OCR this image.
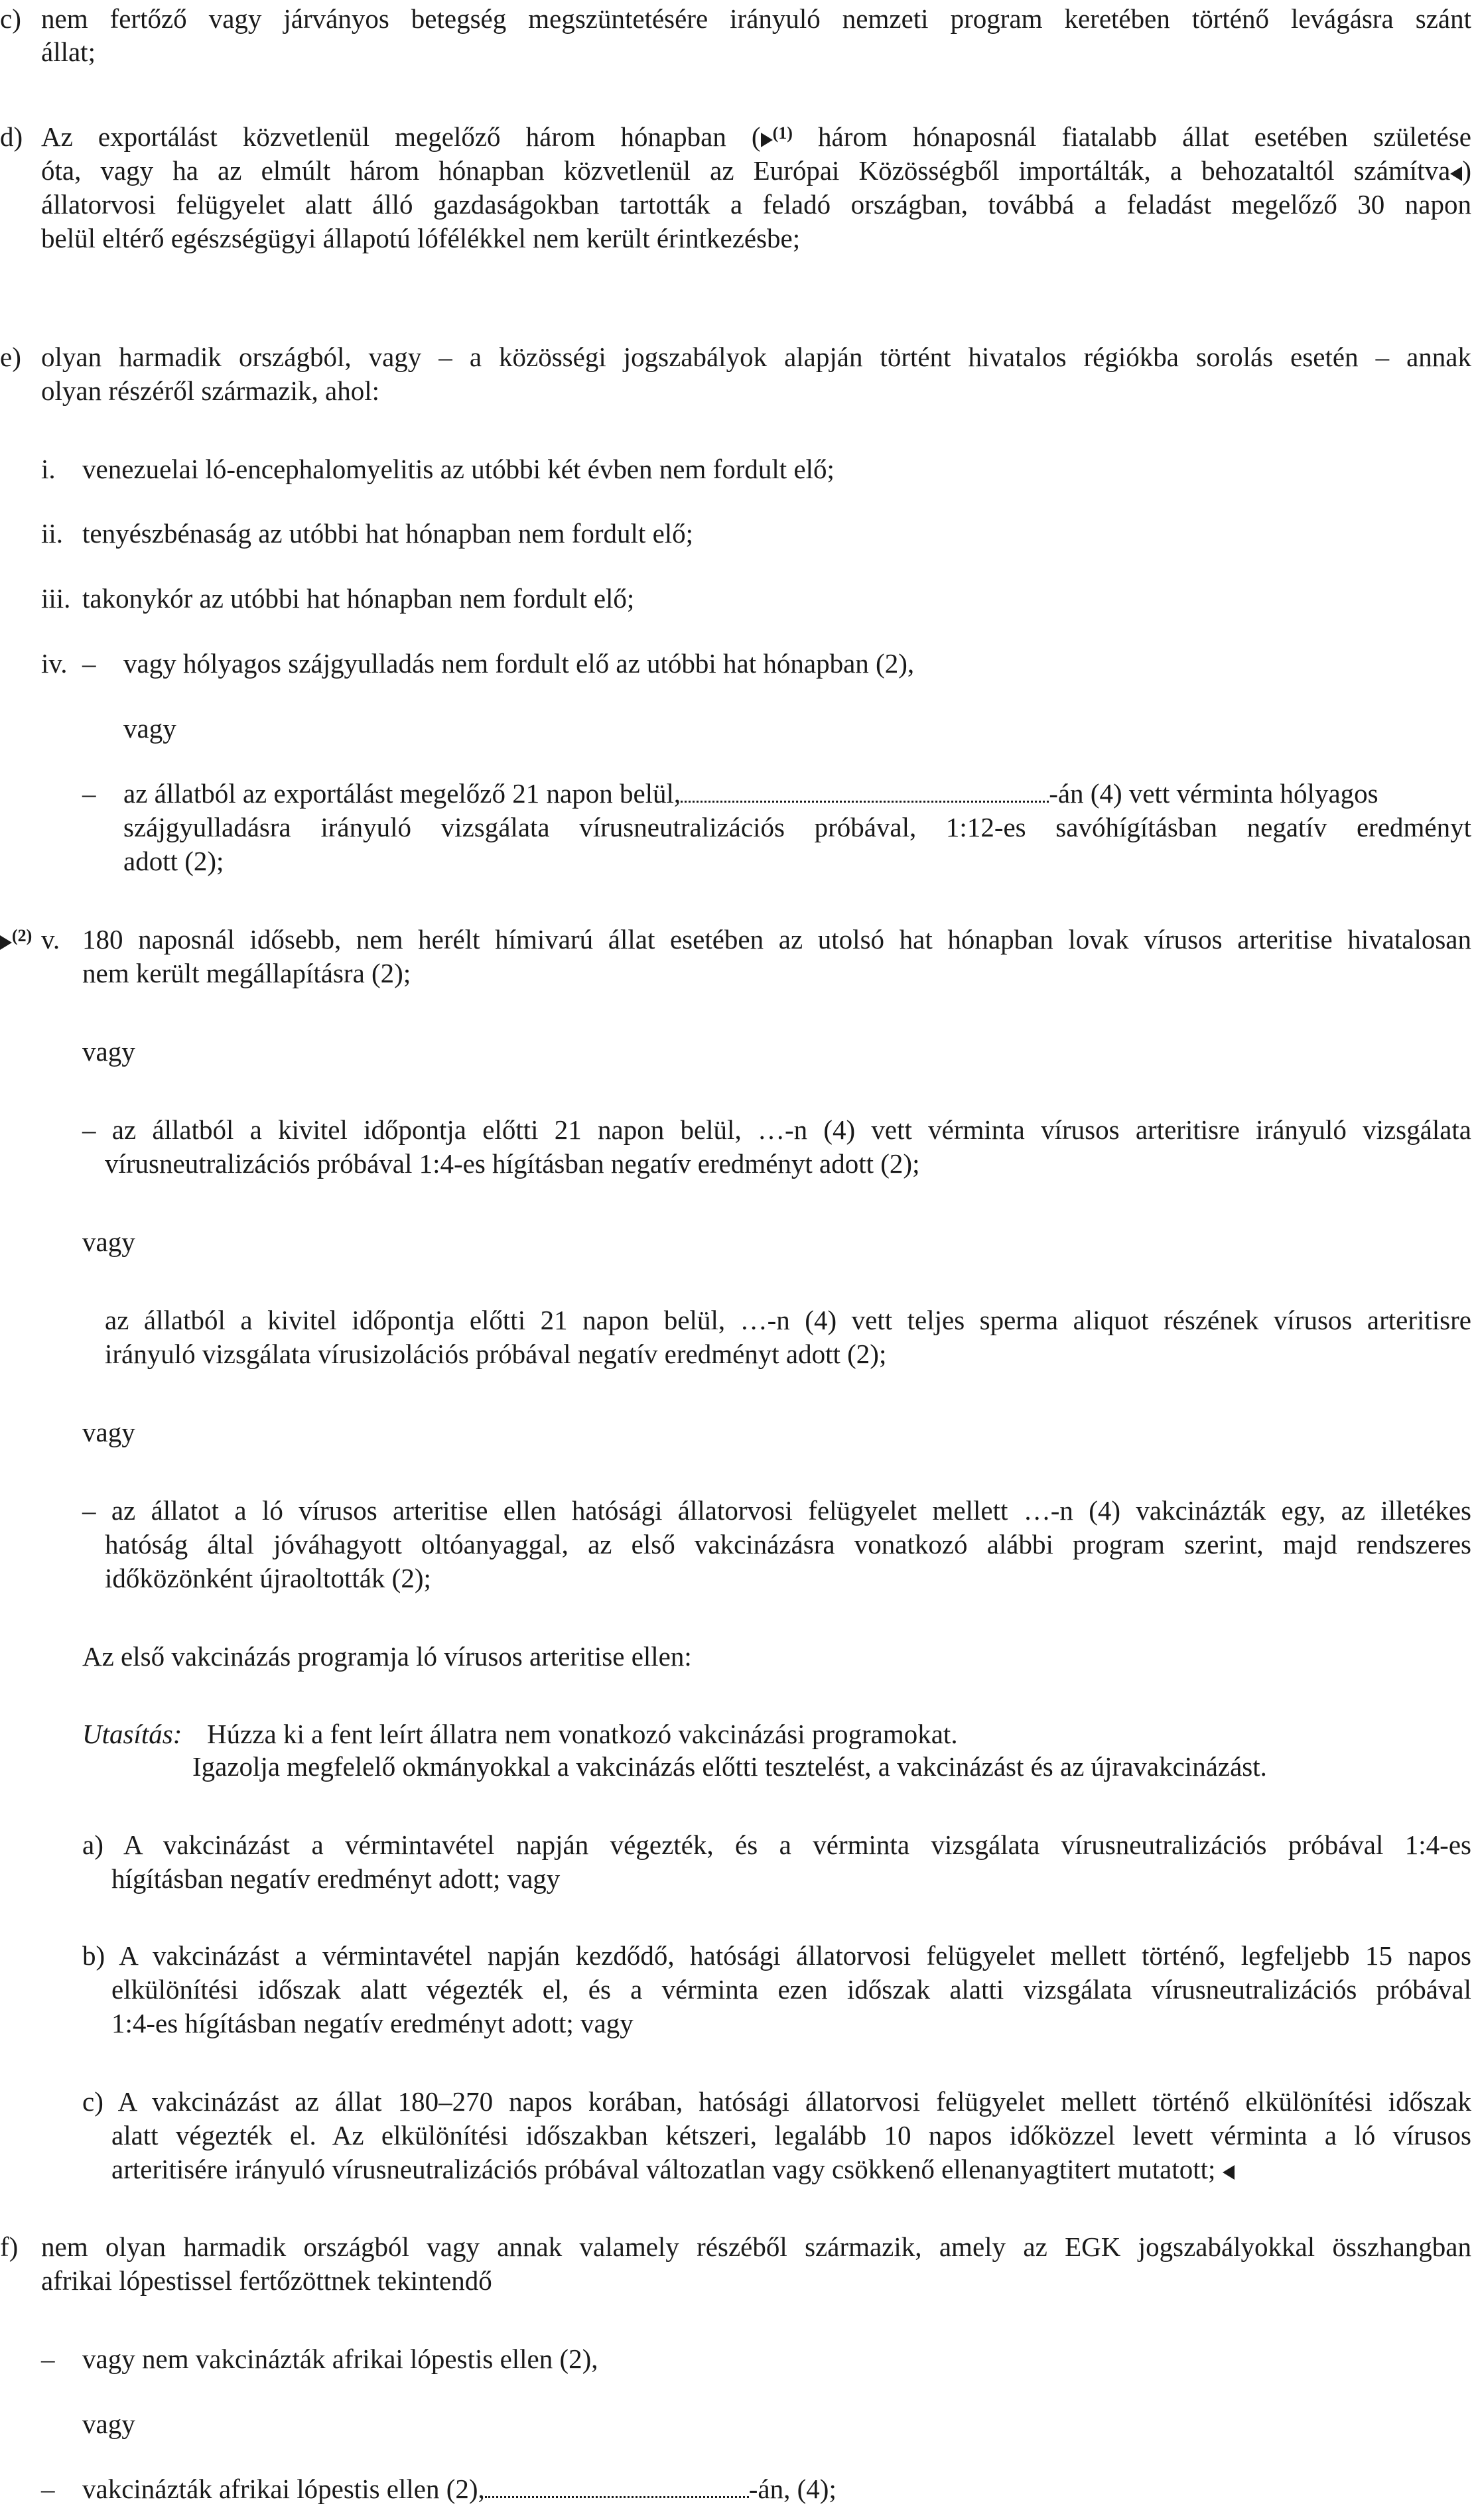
c) nem fertőző vagy járványos betegség megszüntetésére irányuló nemzeti program keretében történő levágásra szánt
állat;
d) Az exportálást közvetlenül megelőző három hónapban ( $^{(1)}$ három hónaposnál fiatalabb állat esetében születése
óta, vagy ha az elmúlt három hónapban közvetlenül az Európai Közösségből importálták, a behozataltól számítva )
állatorvosi felügyelet alatt álló gazdaságokban tartották a feladó országban, továbbá a feladást megelőző 30 napon
belül eltérő egészségügyi állapotú lófélékkel nem került érintkezésbe;
e) olyan harmadik országból, vagy – a közösségi jogszabályok alapján történt hivatalos régiókba sorolás esetén – annak
olyan részéről származik, ahol:
i. venezuelai ló-encephalomyelitis az utóbbi két évben nem fordult elő;
ii. tenyészbénaság az utóbbi hat hónapban nem fordult elő;
iii. takonykór az utóbbi hat hónapban nem fordult elő;
iv. – vagy hólyagos szájgyulladás nem fordult elő az utóbbi hat hónapban (2),
vagy
– az állatból az exportálást megelőző 21 napon belül,	-án (4) vett vérminta hólyagos
szájgyulladásra irányuló vizsgálata vírusneutralizációs próbával, 1:12-es savóhígításban negatív eredményt
adott (2);
$^{(2)}$ v. 180 naposnál idősebb, nem herélt hímivarú állat esetében az utolsó hat hónapban lovak vírusos arteritise hivatalosan
nem került megállapításra (2);
vagy
– az állatból a kivitel időpontja előtti 21 napon belül, …-n (4) vett vérminta vírusos arteritisre irányuló vizsgálata
vírusneutralizációs próbával 1:4-es hígításban negatív eredményt adott (2);
vagy
az állatból a kivitel időpontja előtti 21 napon belül, …-n (4) vett teljes sperma aliquot részének vírusos arteritisre
irányuló vizsgálata vírusizolációs próbával negatív eredményt adott (2);
vagy
– az állatot a ló vírusos arteritise ellen hatósági állatorvosi felügyelet mellett …-n (4) vakcinázták egy, az illetékes
hatóság által jóváhagyott oltóanyaggal, az első vakcinázásra vonatkozó alábbi program szerint, majd rendszeres
időközönként újraoltották (2);
Az első vakcinázás programja ló vírusos arteritise ellen:
Utasítás: Húzza ki a fent leírt állatra nem vonatkozó vakcinázási programokat.
Igazolja megfelelő okmányokkal a vakcinázás előtti tesztelést, a vakcinázást és az újravakcinázást.
a) A vakcinázást a vérmintavétel napján végezték, és a vérminta vizsgálata vírusneutralizációs próbával 1:4-es
hígításban negatív eredményt adott; vagy
b) A vakcinázást a vérmintavétel napján kezdődő, hatósági állatorvosi felügyelet mellett történő, legfeljebb 15 napos
elkülönítési időszak alatt végezték el, és a vérminta ezen időszak alatti vizsgálata vírusneutralizációs próbával
1:4-es hígításban negatív eredményt adott; vagy
c) A vakcinázást az állat 180–270 napos korában, hatósági állatorvosi felügyelet mellett történő elkülönítési időszak
alatt végezték el. Az elkülönítési időszakban kétszeri, legalább 10 napos időközzel levett vérminta a ló vírusos
arteritisére irányuló vírusneutralizációs próbával változatlan vagy csökkenő ellenanyagtitert mutatott;
f) nem olyan harmadik országból vagy annak valamely részéből származik, amely az EGK jogszabályokkal összhangban
afrikai lópestissel fertőzöttnek tekintendő
– vagy nem vakcinázták afrikai lópestis ellen (2),
vagy
– vakcinázták afrikai lópestis ellen (2),	-án, (4);
